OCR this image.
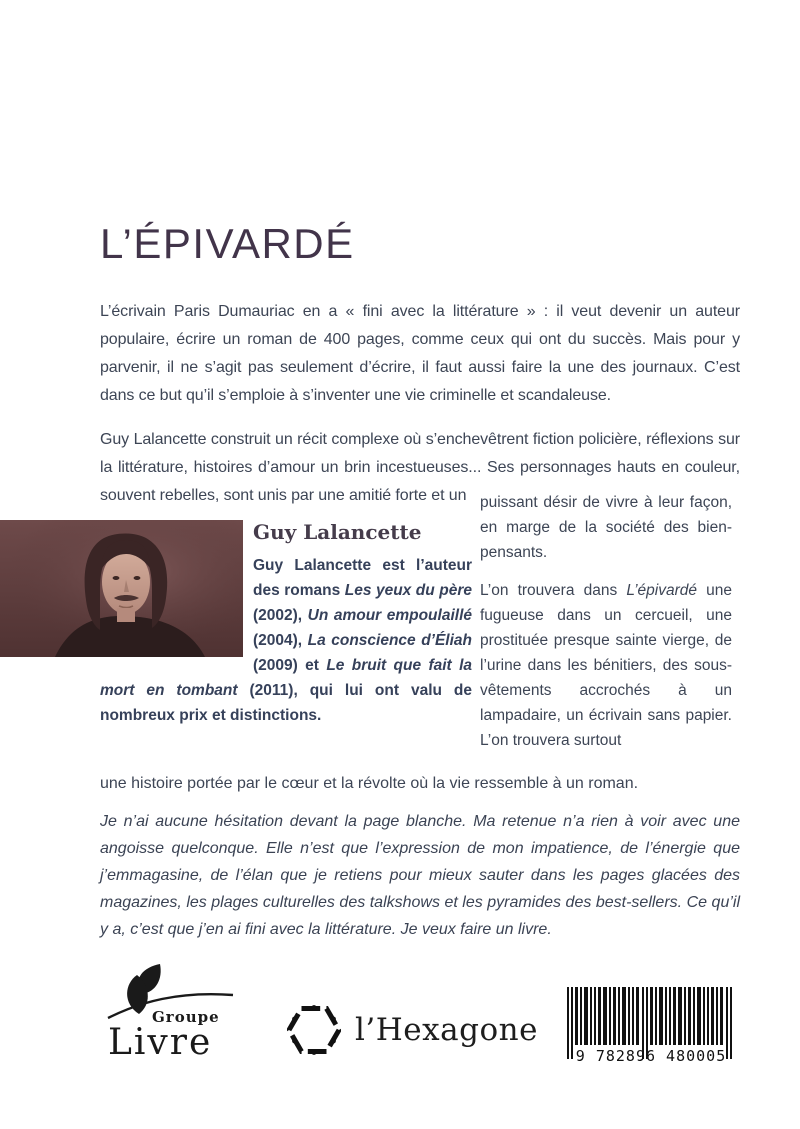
L’ÉPIVARDÉ

L’écrivain Paris Dumauriac en a « fini avec la littérature » : il veut devenir un auteur populaire, écrire un roman de 400 pages, comme ceux qui ont du succès. Mais pour y parvenir, il ne s’agit pas seulement d’écrire, il faut aussi faire la une des journaux. C’est dans ce but qu’il s’emploie à s’inventer une vie criminelle et scandaleuse.

Guy Lalancette construit un récit complexe où s’enchevêtrent fiction policière, réflexions sur la littérature, histoires d’amour un brin incestueuses... Ses personnages hauts en couleur, souvent rebelles, sont unis par une amitié forte et un

Guy Lalancette

Guy Lalancette est l’auteur des romans Les yeux du père (2002), Un amour empoulaillé (2004), La conscience d’Éliah (2009) et Le bruit que fait la mort en tombant (2011), qui lui ont valu de nombreux prix et distinctions.

puissant désir de vivre à leur façon, en marge de la société des bien-pensants.

L’on trouvera dans L’épivardé une fugueuse dans un cercueil, une prostituée presque sainte vierge, de l’urine dans les bénitiers, des sous-vêtements accrochés à un lampadaire, un écrivain sans papier. L’on trouvera surtout

une histoire portée par le cœur et la révolte où la vie ressemble à un roman.
Je n’ai aucune hésitation devant la page blanche. Ma retenue n’a rien à voir avec une angoisse quelconque. Elle n’est que l’expression de mon impatience, de l’énergie que j’emmagasine, de l’élan que je retiens pour mieux sauter dans les pages glacées des magazines, les plages culturelles des talkshows et les pyramides des best-sellers. Ce qu’il y a, c’est que j’en ai fini avec la littérature. Je veux faire un livre.
Groupe
Livre	l’Hexagone
9 782896 480005
